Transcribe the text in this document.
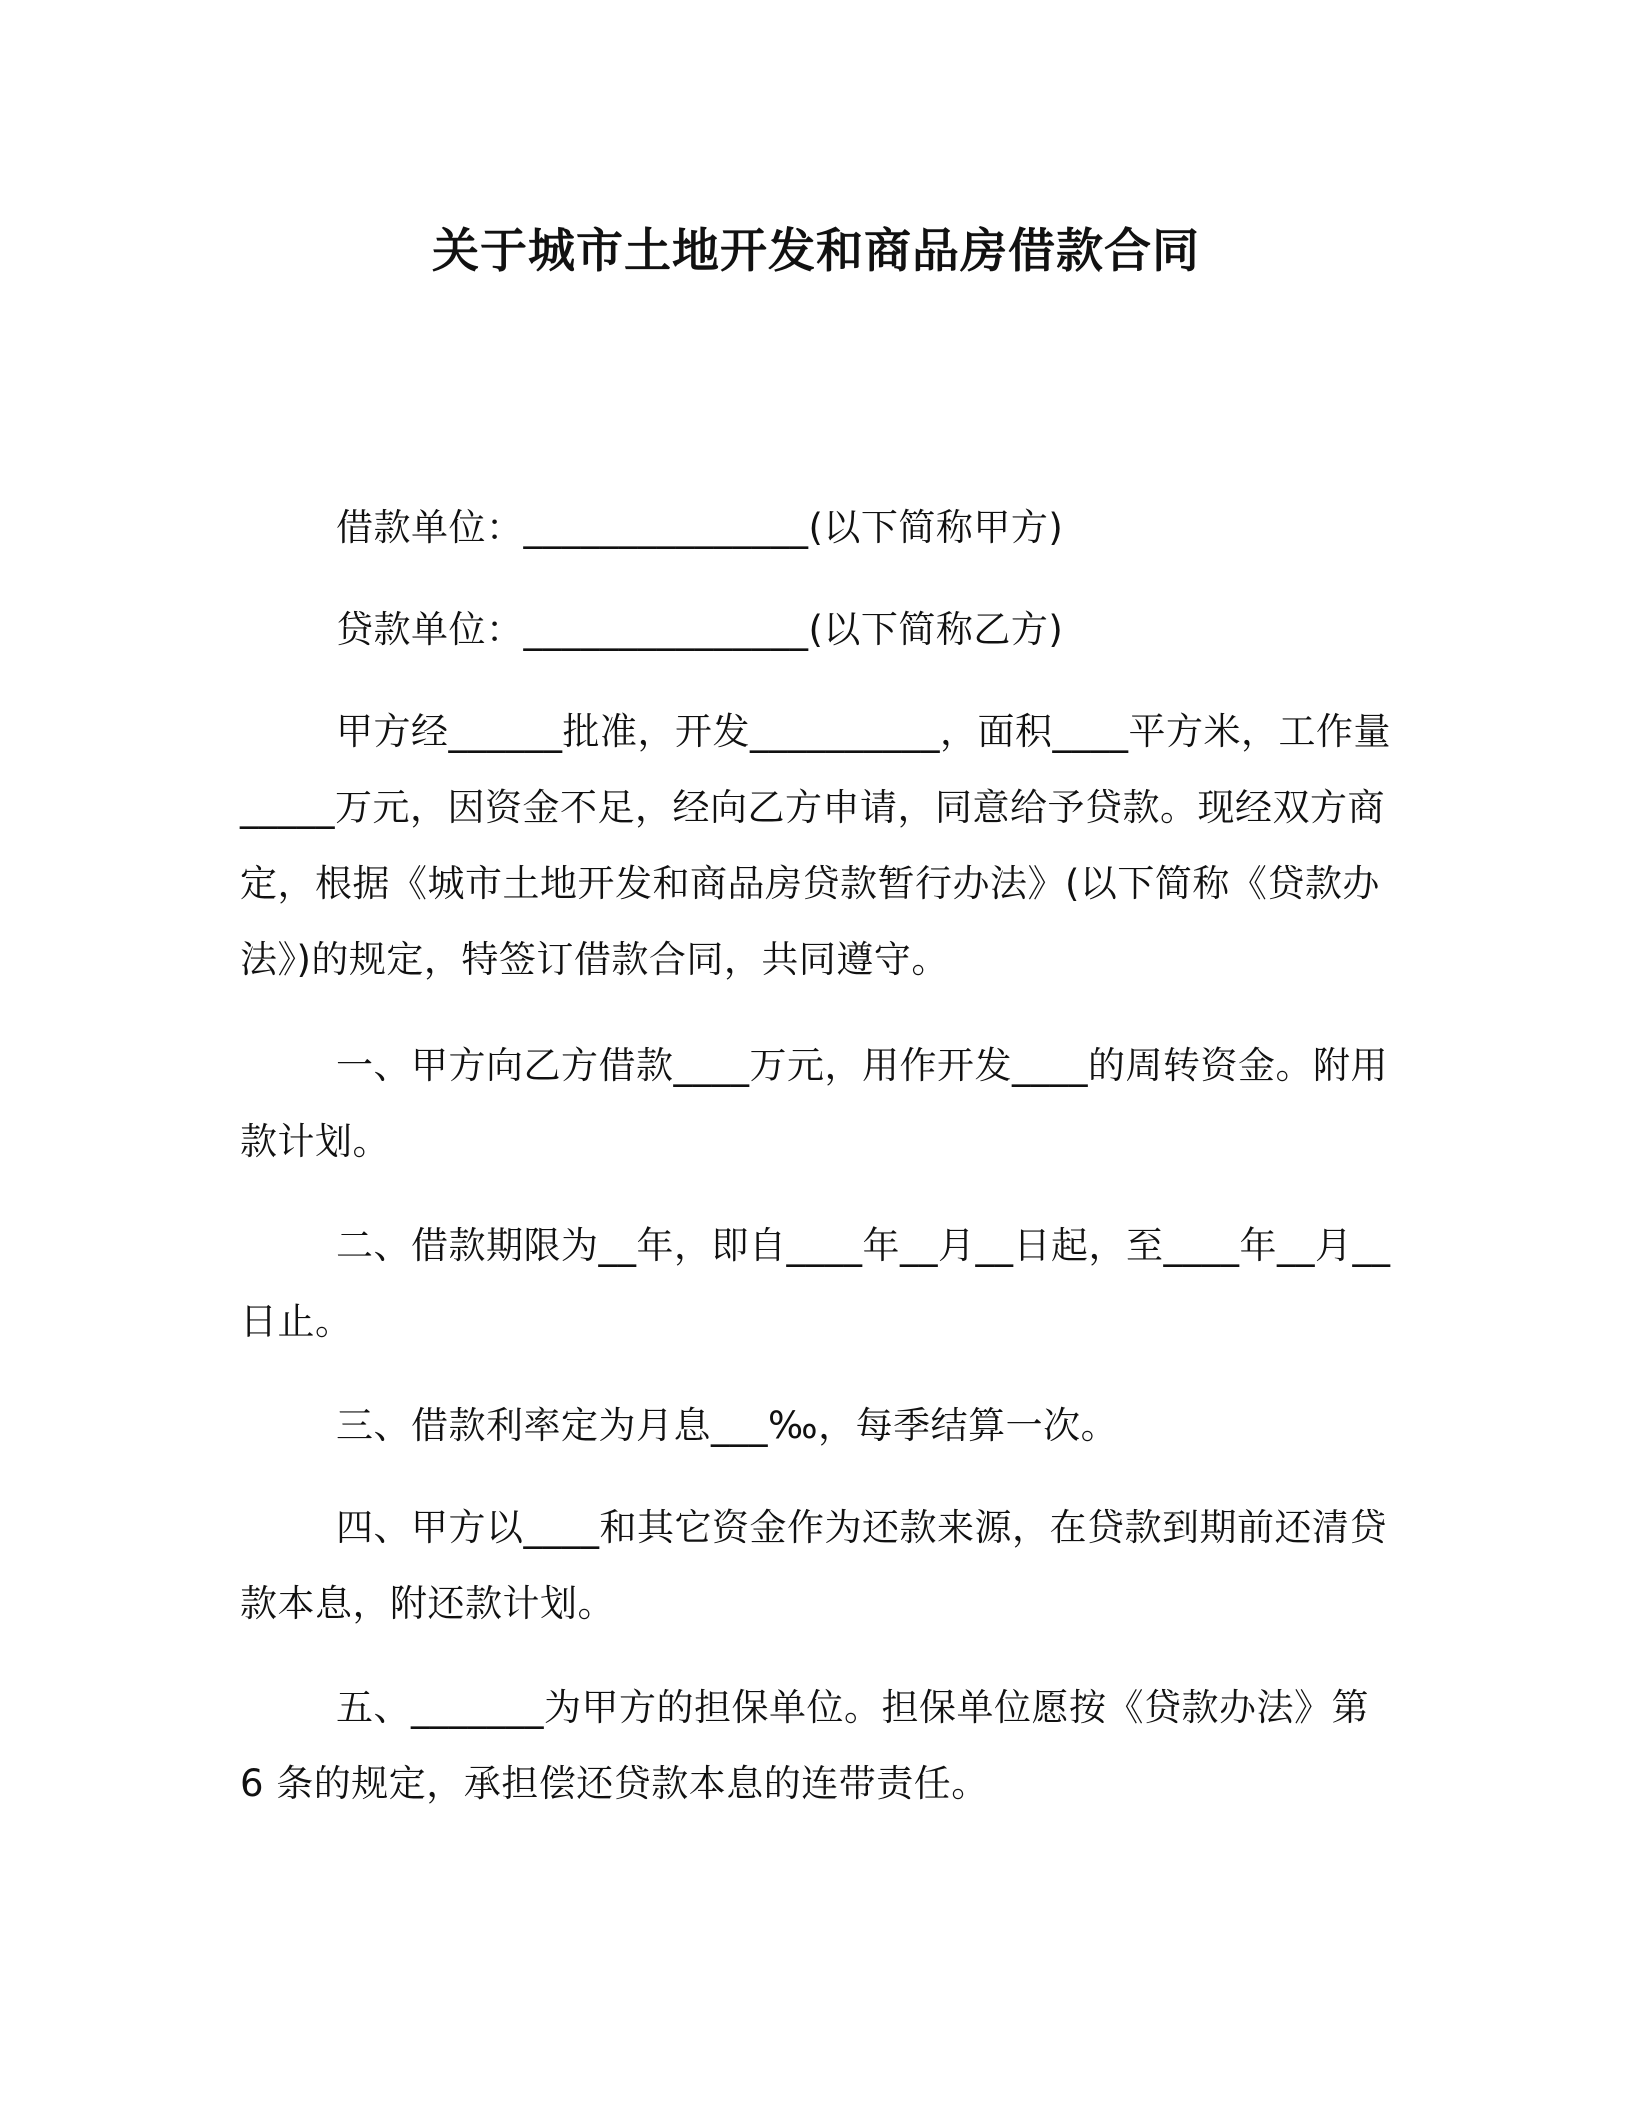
关于城市土地开发和商品房借款合同
借款单位：_______________(以下简称甲方)
贷款单位：_______________(以下简称乙方)

甲方经______批准，开发__________，面积____平方米，工作量_____万元，因资金不足，经向乙方申请，同意给予贷款。现经双方商定，根据《城市土地开发和商品房贷款暂行办法》(以下简称《贷款办法》)的规定，特签订借款合同，共同遵守。

一、甲方向乙方借款____万元，用作开发____的周转资金。附用款计划。

二、借款期限为__年，即自____年__月__日起，至____年__月__日止。

三、借款利率定为月息___‰，每季结算一次。

四、甲方以____和其它资金作为还款来源，在贷款到期前还清贷款本息，附还款计划。

五、_______为甲方的担保单位。担保单位愿按《贷款办法》第 6 条的规定，承担偿还贷款本息的连带责任。
